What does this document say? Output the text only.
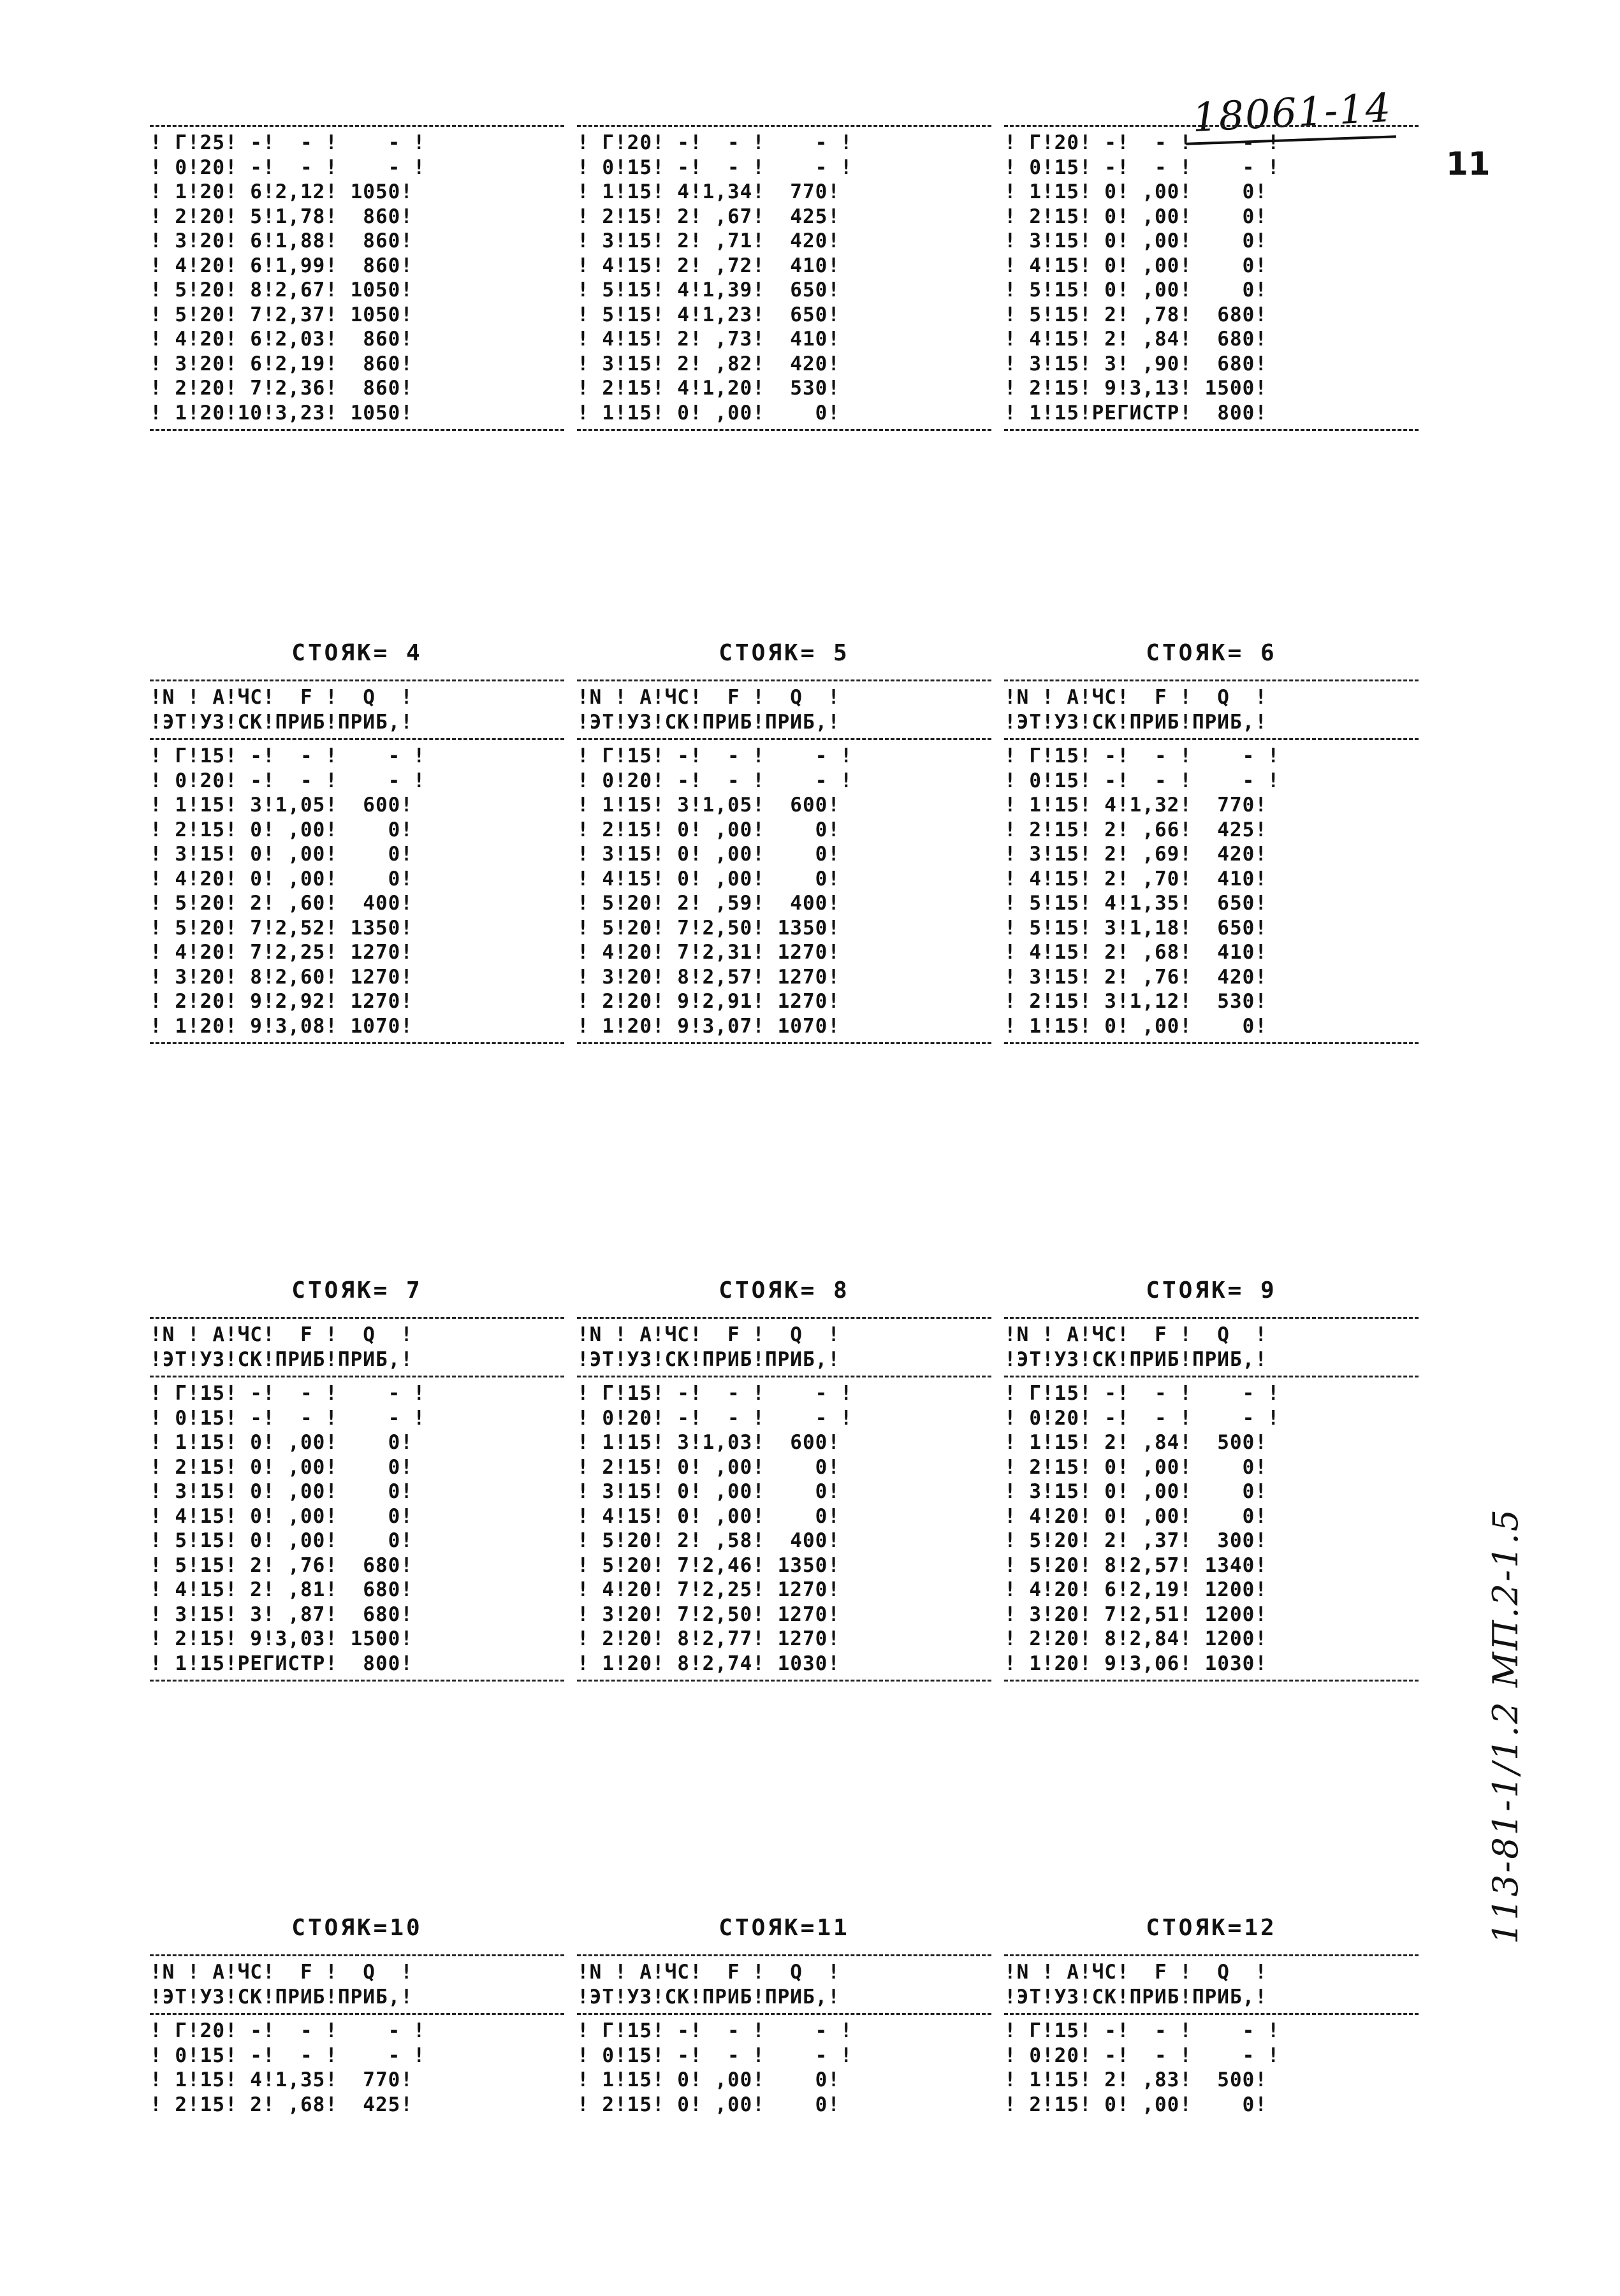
18061-14
11
113-81-1/1.2 МП.2-1.5
! Г!25! -!  - !    - !
! 0!20! -!  - !    - !
! 1!20! 6!2,12! 1050!
! 2!20! 5!1,78!  860!
! 3!20! 6!1,88!  860!
! 4!20! 6!1,99!  860!
! 5!20! 8!2,67! 1050!
! 5!20! 7!2,37! 1050!
! 4!20! 6!2,03!  860!
! 3!20! 6!2,19!  860!
! 2!20! 7!2,36!  860!
! 1!20!10!3,23! 1050!
! Г!20! -!  - !    - !
! 0!15! -!  - !    - !
! 1!15! 4!1,34!  770!
! 2!15! 2! ,67!  425!
! 3!15! 2! ,71!  420!
! 4!15! 2! ,72!  410!
! 5!15! 4!1,39!  650!
! 5!15! 4!1,23!  650!
! 4!15! 2! ,73!  410!
! 3!15! 2! ,82!  420!
! 2!15! 4!1,20!  530!
! 1!15! 0! ,00!    0!
! Г!20! -!  - !    - !
! 0!15! -!  - !    - !
! 1!15! 0! ,00!    0!
! 2!15! 0! ,00!    0!
! 3!15! 0! ,00!    0!
! 4!15! 0! ,00!    0!
! 5!15! 0! ,00!    0!
! 5!15! 2! ,78!  680!
! 4!15! 2! ,84!  680!
! 3!15! 3! ,90!  680!
! 2!15! 9!3,13! 1500!
! 1!15!РЕГИСТР!  800!
СТОЯК= 4
!N ! А!ЧС!  F !  Q  !
!ЭТ!УЗ!СК!ПРИБ!ПРИБ,!
! Г!15! -!  - !    - !
! 0!20! -!  - !    - !
! 1!15! 3!1,05!  600!
! 2!15! 0! ,00!    0!
! 3!15! 0! ,00!    0!
! 4!20! 0! ,00!    0!
! 5!20! 2! ,60!  400!
! 5!20! 7!2,52! 1350!
! 4!20! 7!2,25! 1270!
! 3!20! 8!2,60! 1270!
! 2!20! 9!2,92! 1270!
! 1!20! 9!3,08! 1070!
СТОЯК= 5
!N ! А!ЧС!  F !  Q  !
!ЭТ!УЗ!СК!ПРИБ!ПРИБ,!
! Г!15! -!  - !    - !
! 0!20! -!  - !    - !
! 1!15! 3!1,05!  600!
! 2!15! 0! ,00!    0!
! 3!15! 0! ,00!    0!
! 4!15! 0! ,00!    0!
! 5!20! 2! ,59!  400!
! 5!20! 7!2,50! 1350!
! 4!20! 7!2,31! 1270!
! 3!20! 8!2,57! 1270!
! 2!20! 9!2,91! 1270!
! 1!20! 9!3,07! 1070!
СТОЯК= 6
!N ! А!ЧС!  F !  Q  !
!ЭТ!УЗ!СК!ПРИБ!ПРИБ,!
! Г!15! -!  - !    - !
! 0!15! -!  - !    - !
! 1!15! 4!1,32!  770!
! 2!15! 2! ,66!  425!
! 3!15! 2! ,69!  420!
! 4!15! 2! ,70!  410!
! 5!15! 4!1,35!  650!
! 5!15! 3!1,18!  650!
! 4!15! 2! ,68!  410!
! 3!15! 2! ,76!  420!
! 2!15! 3!1,12!  530!
! 1!15! 0! ,00!    0!
СТОЯК= 7
!N ! А!ЧС!  F !  Q  !
!ЭТ!УЗ!СК!ПРИБ!ПРИБ,!
! Г!15! -!  - !    - !
! 0!15! -!  - !    - !
! 1!15! 0! ,00!    0!
! 2!15! 0! ,00!    0!
! 3!15! 0! ,00!    0!
! 4!15! 0! ,00!    0!
! 5!15! 0! ,00!    0!
! 5!15! 2! ,76!  680!
! 4!15! 2! ,81!  680!
! 3!15! 3! ,87!  680!
! 2!15! 9!3,03! 1500!
! 1!15!РЕГИСТР!  800!
СТОЯК= 8
!N ! А!ЧС!  F !  Q  !
!ЭТ!УЗ!СК!ПРИБ!ПРИБ,!
! Г!15! -!  - !    - !
! 0!20! -!  - !    - !
! 1!15! 3!1,03!  600!
! 2!15! 0! ,00!    0!
! 3!15! 0! ,00!    0!
! 4!15! 0! ,00!    0!
! 5!20! 2! ,58!  400!
! 5!20! 7!2,46! 1350!
! 4!20! 7!2,25! 1270!
! 3!20! 7!2,50! 1270!
! 2!20! 8!2,77! 1270!
! 1!20! 8!2,74! 1030!
СТОЯК= 9
!N ! А!ЧС!  F !  Q  !
!ЭТ!УЗ!СК!ПРИБ!ПРИБ,!
! Г!15! -!  - !    - !
! 0!20! -!  - !    - !
! 1!15! 2! ,84!  500!
! 2!15! 0! ,00!    0!
! 3!15! 0! ,00!    0!
! 4!20! 0! ,00!    0!
! 5!20! 2! ,37!  300!
! 5!20! 8!2,57! 1340!
! 4!20! 6!2,19! 1200!
! 3!20! 7!2,51! 1200!
! 2!20! 8!2,84! 1200!
! 1!20! 9!3,06! 1030!
СТОЯК=10
!N ! А!ЧС!  F !  Q  !
!ЭТ!УЗ!СК!ПРИБ!ПРИБ,!
! Г!20! -!  - !    - !
! 0!15! -!  - !    - !
! 1!15! 4!1,35!  770!
! 2!15! 2! ,68!  425!
СТОЯК=11
!N ! А!ЧС!  F !  Q  !
!ЭТ!УЗ!СК!ПРИБ!ПРИБ,!
! Г!15! -!  - !    - !
! 0!15! -!  - !    - !
! 1!15! 0! ,00!    0!
! 2!15! 0! ,00!    0!
СТОЯК=12
!N ! А!ЧС!  F !  Q  !
!ЭТ!УЗ!СК!ПРИБ!ПРИБ,!
! Г!15! -!  - !    - !
! 0!20! -!  - !    - !
! 1!15! 2! ,83!  500!
! 2!15! 0! ,00!    0!
